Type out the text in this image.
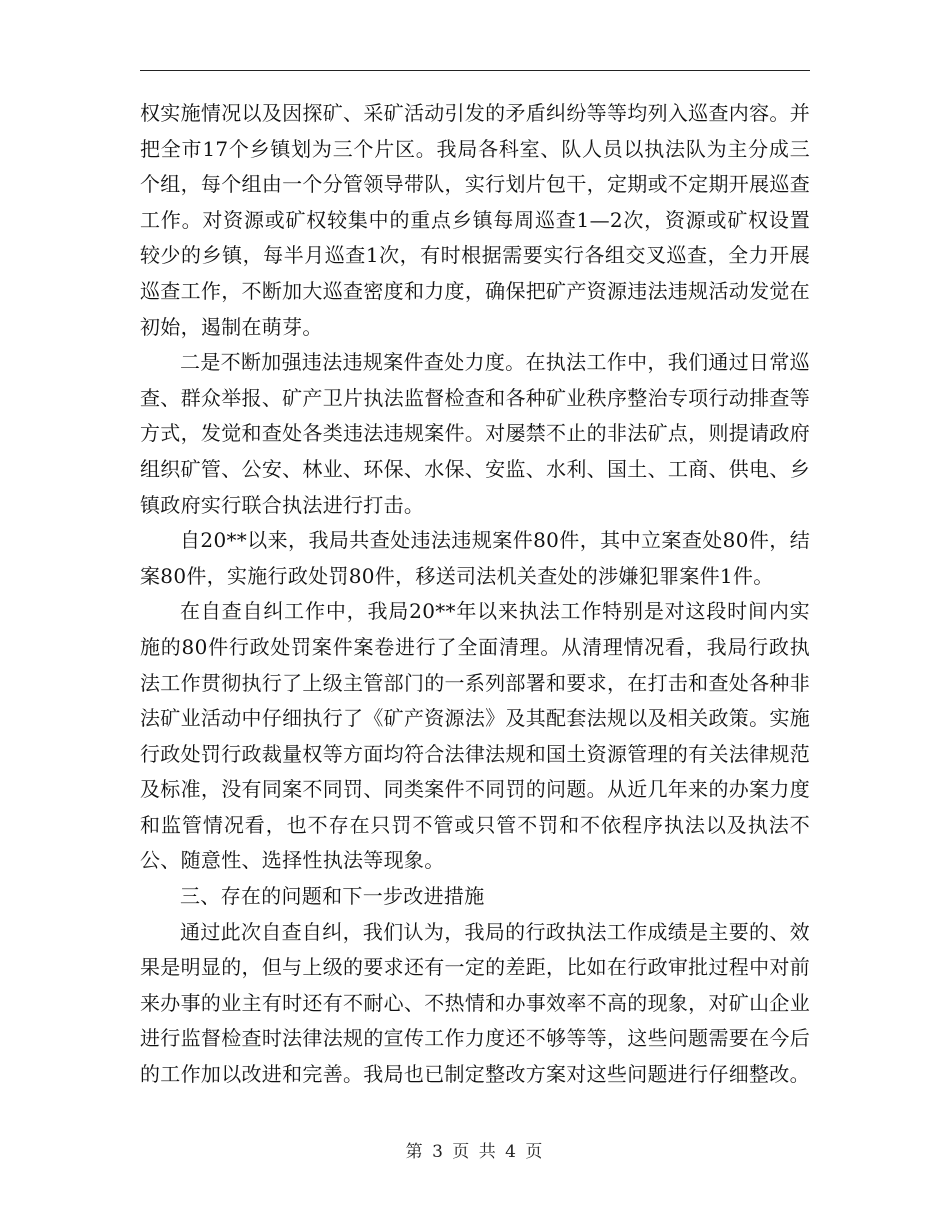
权实施情况以及因探矿、采矿活动引发的矛盾纠纷等等均列入巡查内容。并把全市17个乡镇划为三个片区。我局各科室、队人员以执法队为主分成三个组，每个组由一个分管领导带队，实行划片包干，定期或不定期开展巡查工作。对资源或矿权较集中的重点乡镇每周巡查1—2次，资源或矿权设置较少的乡镇，每半月巡查1次，有时根据需要实行各组交叉巡查，全力开展巡查工作，不断加大巡查密度和力度，确保把矿产资源违法违规活动发觉在初始，遏制在萌芽。

二是不断加强违法违规案件查处力度。在执法工作中，我们通过日常巡查、群众举报、矿产卫片执法监督检查和各种矿业秩序整治专项行动排查等方式，发觉和查处各类违法违规案件。对屡禁不止的非法矿点，则提请政府组织矿管、公安、林业、环保、水保、安监、水利、国土、工商、供电、乡镇政府实行联合执法进行打击。

自20**以来，我局共查处违法违规案件80件，其中立案查处80件，结案80件，实施行政处罚80件，移送司法机关查处的涉嫌犯罪案件1件。

在自查自纠工作中，我局20**年以来执法工作特别是对这段时间内实施的80件行政处罚案件案卷进行了全面清理。从清理情况看，我局行政执法工作贯彻执行了上级主管部门的一系列部署和要求，在打击和查处各种非法矿业活动中仔细执行了《矿产资源法》及其配套法规以及相关政策。实施行政处罚行政裁量权等方面均符合法律法规和国土资源管理的有关法律规范及标准，没有同案不同罚、同类案件不同罚的问题。从近几年来的办案力度和监管情况看，也不存在只罚不管或只管不罚和不依程序执法以及执法不公、随意性、选择性执法等现象。

三、存在的问题和下一步改进措施

通过此次自查自纠，我们认为，我局的行政执法工作成绩是主要的、效果是明显的，但与上级的要求还有一定的差距，比如在行政审批过程中对前来办事的业主有时还有不耐心、不热情和办事效率不高的现象，对矿山企业进行监督检查时法律法规的宣传工作力度还不够等等，这些问题需要在今后的工作加以改进和完善。我局也已制定整改方案对这些问题进行仔细整改。

第 3 页 共 4 页
